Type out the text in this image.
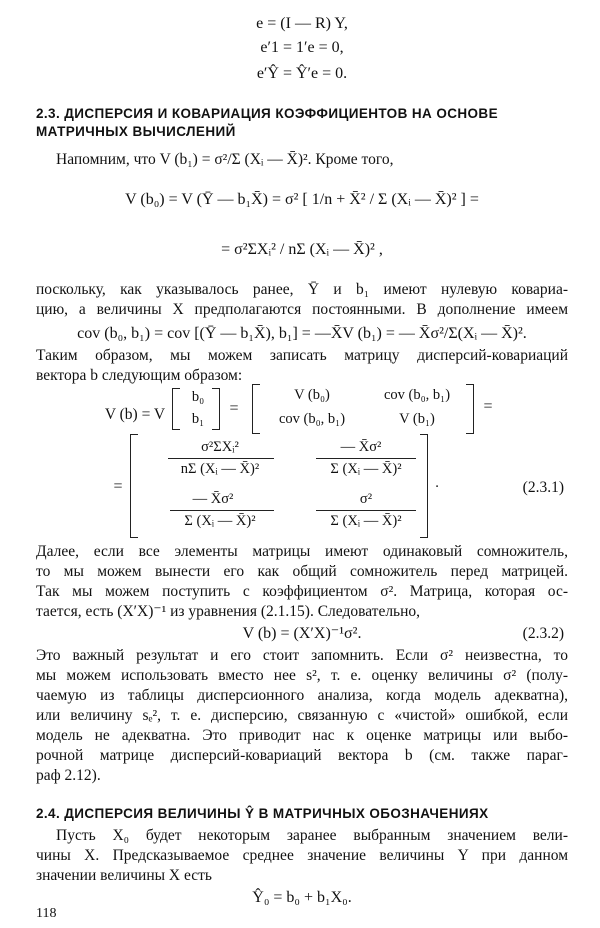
e = (I — R) Y,
e′1 = 1′e = 0,
e′Ŷ = Ŷ′e = 0.
2.3. ДИСПЕРСИЯ И КОВАРИАЦИЯ КОЭФФИЦИЕНТОВ НА ОСНОВЕ
МАТРИЧНЫХ ВЫЧИСЛЕНИЙ
Напомним, что V (b₁) = σ²/Σ (Xᵢ — X̄)². Кроме того,
V (b₀) = V (Ȳ — b₁X̄) = σ² [ 1/n + X̄² / Σ (Xᵢ — X̄)² ] =
= σ²ΣXᵢ² / nΣ (Xᵢ — X̄)² ,
поскольку, как указывалось ранее, Ȳ и b₁ имеют нулевую ковариа-
цию, а величины X предполагаются постоянными. В дополнение имеем
cov (b₀, b₁) = cov [(Ȳ — b₁X̄), b₁] = —X̄V (b₁) = — X̄σ²/Σ(Xᵢ — X̄)².
Таким образом, мы можем записать матрицу дисперсий-ковариаций
вектора b следующим образом:
V (b) = V
b₀
b₁
=
V (b₀)	cov (b₀, b₁)
cov (b₀, b₁)	V (b₁)
=
=
σ²ΣXᵢ²
nΣ (Xᵢ — X̄)²
— X̄σ²
Σ (Xᵢ — X̄)²
— X̄σ²
Σ (Xᵢ — X̄)²
σ²
Σ (Xᵢ — X̄)²
.	(2.3.1)
Далее, если все элементы матрицы имеют одинаковый сомножитель,
то мы можем вынести его как общий сомножитель перед матрицей.
Так мы можем поступить с коэффициентом σ². Матрица, которая ос-
тается, есть (X′X)⁻¹ из уравнения (2.1.15). Следовательно,
V (b) = (X′X)⁻¹σ².	(2.3.2)
Это важный результат и его стоит запомнить. Если σ² неизвестна, то
мы можем использовать вместо нее s², т. е. оценку величины σ² (полу-
чаемую из таблицы дисперсионного анализа, когда модель адекватна),
или величину sₑ², т. е. дисперсию, связанную с «чистой» ошибкой, если
модель не адекватна. Это приводит нас к оценке матрицы или выбо-
рочной матрице дисперсий-ковариаций вектора b (см. также параг-
раф 2.12).
2.4. ДИСПЕРСИЯ ВЕЛИЧИНЫ Ŷ В МАТРИЧНЫХ ОБОЗНАЧЕНИЯХ
Пусть X₀ будет некоторым заранее выбранным значением вели-
чины X. Предсказываемое среднее значение величины Y при данном
значении величины X есть
Ŷ₀ = b₀ + b₁X₀.
118
